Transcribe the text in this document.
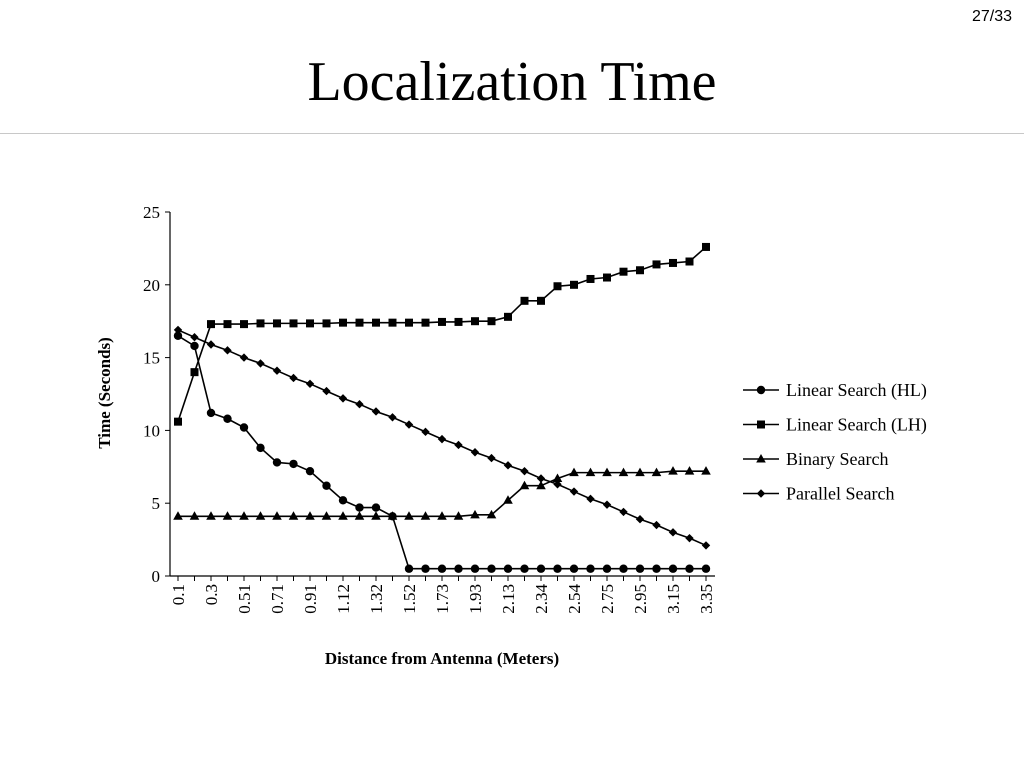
27/33
Localization Time
0
5
10
15
20
25
0.1 0.3 0.51 0.71 0.91 1.12 1.32 1.52 1.73 1.93 2.13 2.34 2.54 2.75 2.95 3.15 3.35
Time (Seconds)
Distance from Antenna (Meters)
Linear Search (HL)
Linear Search (LH)
Binary Search
Parallel Search
